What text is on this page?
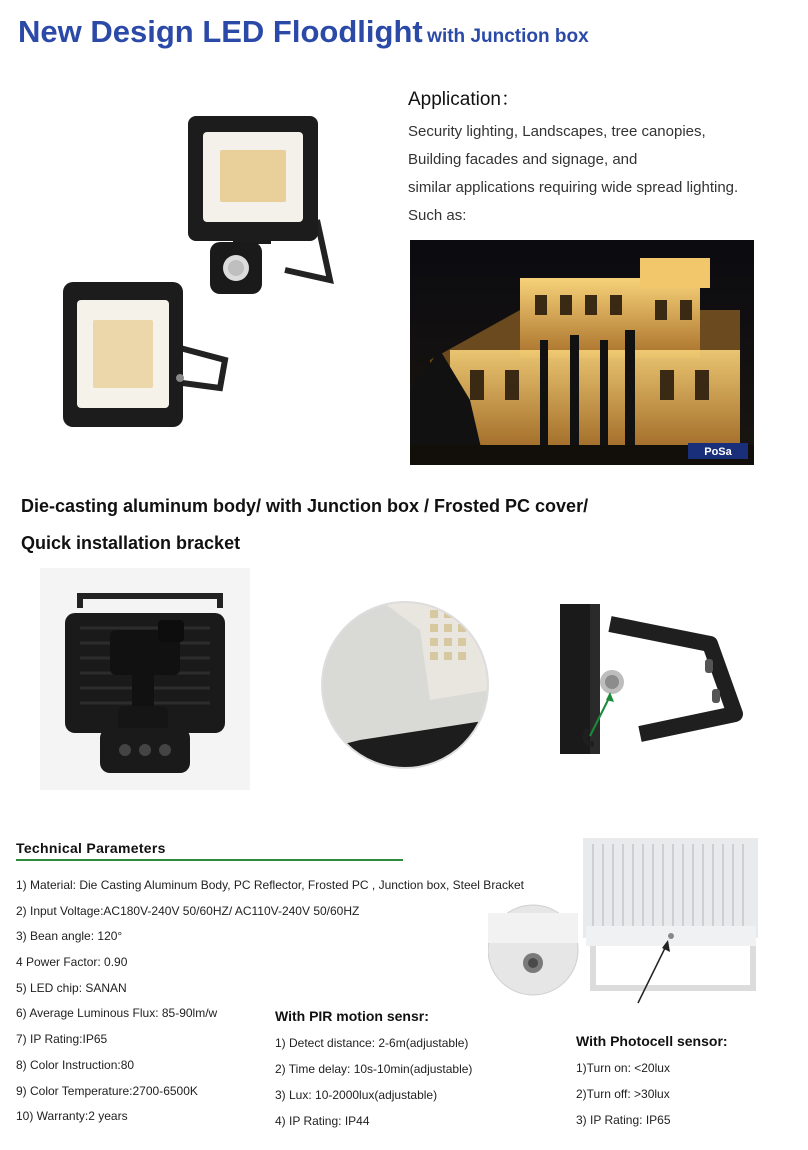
New Design LED Floodlight with Junction box
Application：
Security lighting, Landscapes, tree canopies,
Building facades and signage, and
similar applications requiring wide spread lighting.
Such as:
PoSa
Die-casting aluminum body/ with Junction box / Frosted PC cover/
Quick installation bracket
Technical Parameters
1) Material: Die Casting Aluminum Body, PC Reflector, Frosted PC , Junction box, Steel Bracket
2) Input Voltage:AC180V-240V 50/60HZ/ AC110V-240V 50/60HZ
3) Bean angle: 120°
4 Power Factor: 0.90
5) LED chip: SANAN
6) Average Luminous Flux: 85-90lm/w
7) IP Rating:IP65
8) Color Instruction:80
9) Color Temperature:2700-6500K
10) Warranty:2 years
With PIR motion sensr:
1) Detect distance: 2-6m(adjustable)
2) Time delay: 10s-10min(adjustable)
3) Lux: 10-2000lux(adjustable)
4) IP Rating: IP44
With Photocell sensor:
1)Turn on: <20lux
2)Turn off: >30lux
3) IP Rating: IP65
